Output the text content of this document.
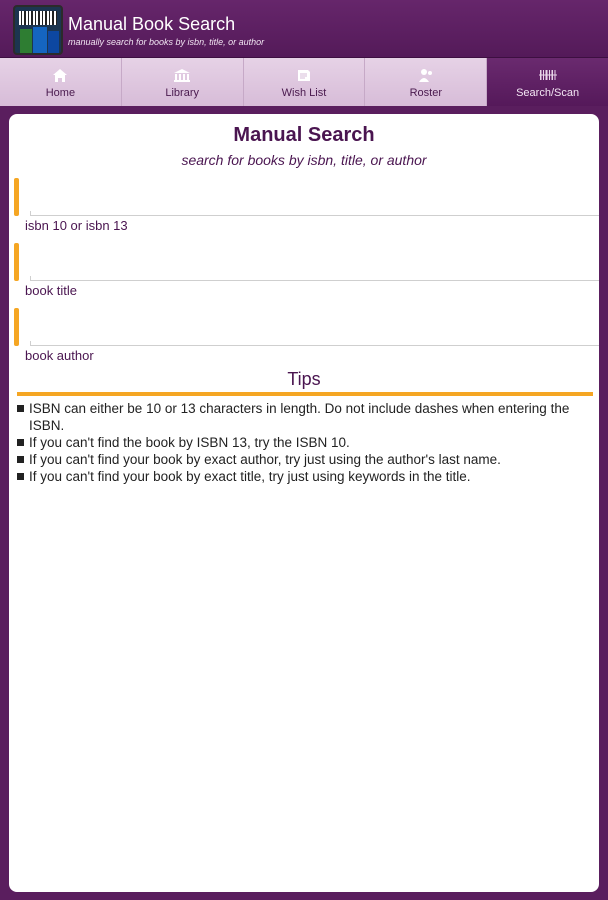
Manual Book Search
manually search for books by isbn, title, or author
Home	Library	Wish List	Roster	Search/Scan
Manual Search
search for books by isbn, title, or author
isbn 10 or isbn 13
book title
book author
Tips
ISBN can either be 10 or 13 characters in length. Do not include dashes when entering the ISBN.
If you can't find the book by ISBN 13, try the ISBN 10.
If you can't find your book by exact author, try just using the author's last name.
If you can't find your book by exact title, try just using keywords in the title.
